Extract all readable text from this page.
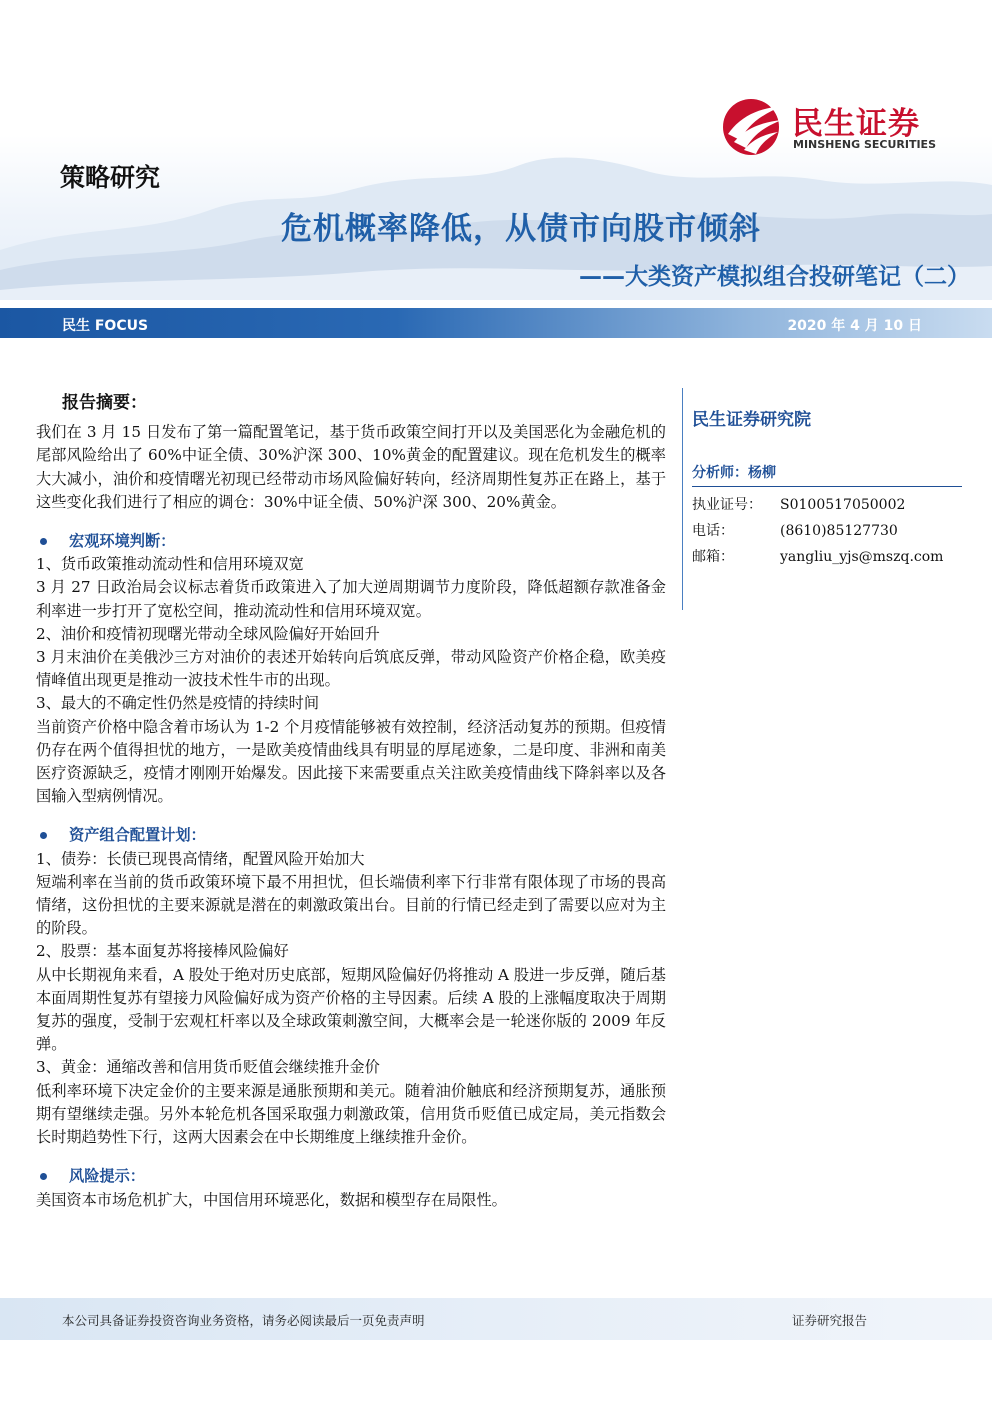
民生证券
MINSHENG SECURITIES
策略研究
危机概率降低，从债市向股市倾斜
——大类资产模拟组合投研笔记（二）
民生 FOCUS	2020 年 4 月 10 日
报告摘要：
我们在 3 月 15 日发布了第一篇配置笔记，基于货币政策空间打开以及美国恶化为金融危机的尾部风险给出了 60%中证全债、30%沪深 300、10%黄金的配置建议。现在危机发生的概率大大减小，油价和疫情曙光初现已经带动市场风险偏好转向，经济周期性复苏正在路上，基于这些变化我们进行了相应的调仓：30%中证全债、50%沪深 300、20%黄金。
宏观环境判断：
1、货币政策推动流动性和信用环境双宽
3 月 27 日政治局会议标志着货币政策进入了加大逆周期调节力度阶段，降低超额存款准备金利率进一步打开了宽松空间，推动流动性和信用环境双宽。
2、油价和疫情初现曙光带动全球风险偏好开始回升
3 月末油价在美俄沙三方对油价的表述开始转向后筑底反弹，带动风险资产价格企稳，欧美疫情峰值出现更是推动一波技术性牛市的出现。
3、最大的不确定性仍然是疫情的持续时间
当前资产价格中隐含着市场认为 1-2 个月疫情能够被有效控制，经济活动复苏的预期。但疫情仍存在两个值得担忧的地方，一是欧美疫情曲线具有明显的厚尾迹象，二是印度、非洲和南美医疗资源缺乏，疫情才刚刚开始爆发。因此接下来需要重点关注欧美疫情曲线下降斜率以及各国输入型病例情况。
资产组合配置计划：
1、债券：长债已现畏高情绪，配置风险开始加大
短端利率在当前的货币政策环境下最不用担忧，但长端债利率下行非常有限体现了市场的畏高情绪，这份担忧的主要来源就是潜在的刺激政策出台。目前的行情已经走到了需要以应对为主的阶段。
2、股票：基本面复苏将接棒风险偏好
从中长期视角来看，A 股处于绝对历史底部，短期风险偏好仍将推动 A 股进一步反弹，随后基本面周期性复苏有望接力风险偏好成为资产价格的主导因素。后续 A 股的上涨幅度取决于周期复苏的强度，受制于宏观杠杆率以及全球政策刺激空间，大概率会是一轮迷你版的 2009 年反弹。
3、黄金：通缩改善和信用货币贬值会继续推升金价
低利率环境下决定金价的主要来源是通胀预期和美元。随着油价触底和经济预期复苏，通胀预期有望继续走强。另外本轮危机各国采取强力刺激政策，信用货币贬值已成定局，美元指数会长时期趋势性下行，这两大因素会在中长期维度上继续推升金价。
风险提示：
美国资本市场危机扩大，中国信用环境恶化，数据和模型存在局限性。
民生证券研究院
分析师：杨柳
执业证号：	S0100517050002
电话：	(8610)85127730
邮箱：	yangliu_yjs@mszq.com
本公司具备证券投资咨询业务资格，请务必阅读最后一页免责声明	证券研究报告
